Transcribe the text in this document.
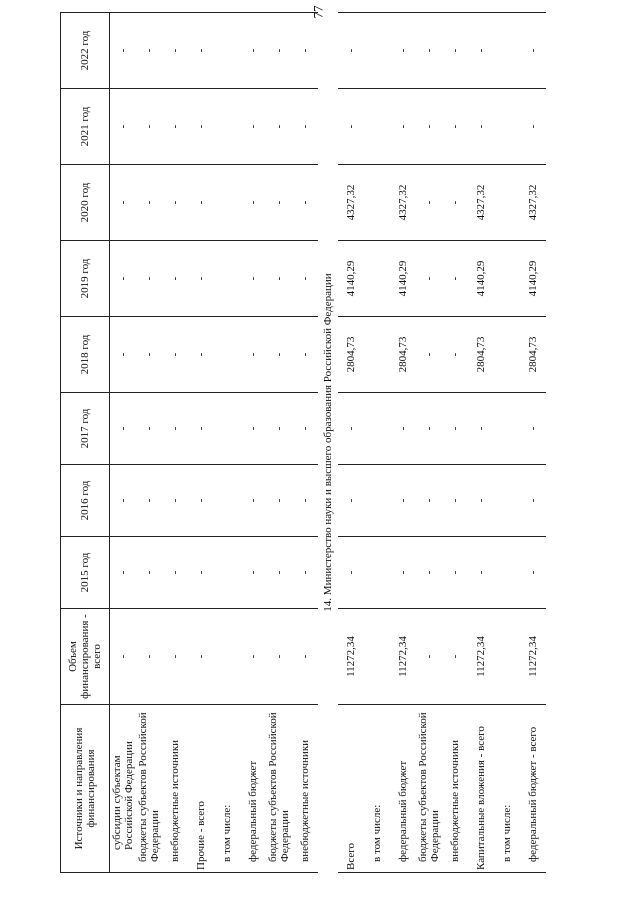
77
Источники и направления финансирования	Объем финансирования - всего	2015 год	2016 год	2017 год	2018 год	2019 год	2020 год	2021 год	2022 год
субсидии субъектам Российской Федерации	-	-	-	-	-	-	-	-	-
бюджеты субъектов Российской Федерации	-	-	-	-	-	-	-	-	-
внебюджетные источники	-	-	-	-	-	-	-	-	-
Прочие - всего	-	-	-	-	-	-	-	-	-
в том числе:									
федеральный бюджет	-	-	-	-	-	-	-	-	-
бюджеты субъектов Российской Федерации	-	-	-	-	-	-	-	-	-
внебюджетные источники	-	-	-	-	-	-	-	-	-
14. Министерство науки и высшего образования Российской Федерации									
Всего	11272,34	-	-	-	2804,73	4140,29	4327,32	-	-
в том числе:									
федеральный бюджет	11272,34	-	-	-	2804,73	4140,29	4327,32	-	-
бюджеты субъектов Российской Федерации	-	-	-	-	-	-	-	-	-
внебюджетные источники	-	-	-	-	-	-	-	-	-
Капитальные вложения - всего	11272,34	-	-	-	2804,73	4140,29	4327,32	-	-
в том числе:									
федеральный бюджет - всего	11272,34	-	-	-	2804,73	4140,29	4327,32	-	-
